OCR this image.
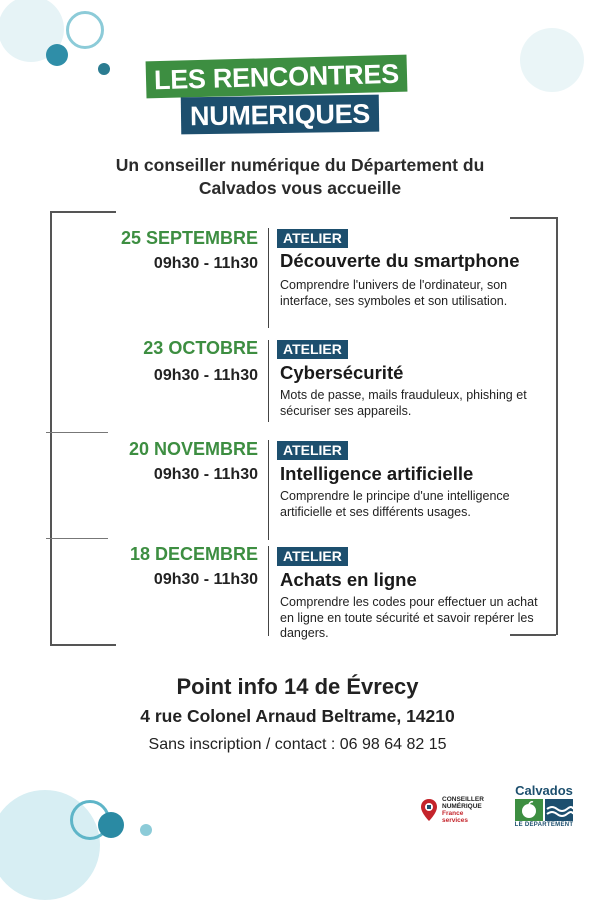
LES RENCONTRES
NUMERIQUES
Un conseiller numérique du Département du
Calvados vous accueille
25 SEPTEMBRE
09h30 - 11h30
ATELIER
Découverte du smartphone
Comprendre l'univers de l'ordinateur, son interface, ses symboles et son utilisation.
23 OCTOBRE
09h30 - 11h30
ATELIER
Cybersécurité
Mots de passe, mails frauduleux, phishing et sécuriser ses appareils.
20 NOVEMBRE
09h30 - 11h30
ATELIER
Intelligence artificielle
Comprendre le principe d'une intelligence artificielle et ses différents usages.
18 DECEMBRE
09h30 - 11h30
ATELIER
Achats en ligne
Comprendre les codes pour effectuer un achat en ligne en toute sécurité et savoir repérer les dangers.
Point info 14 de Évrecy
4 rue Colonel Arnaud Beltrame, 14210
Sans inscription / contact : 06 98 64 82 15
CONSEILLER
NUMÉRIQUE
France
services
Calvados
LE DÉPARTEMENT
